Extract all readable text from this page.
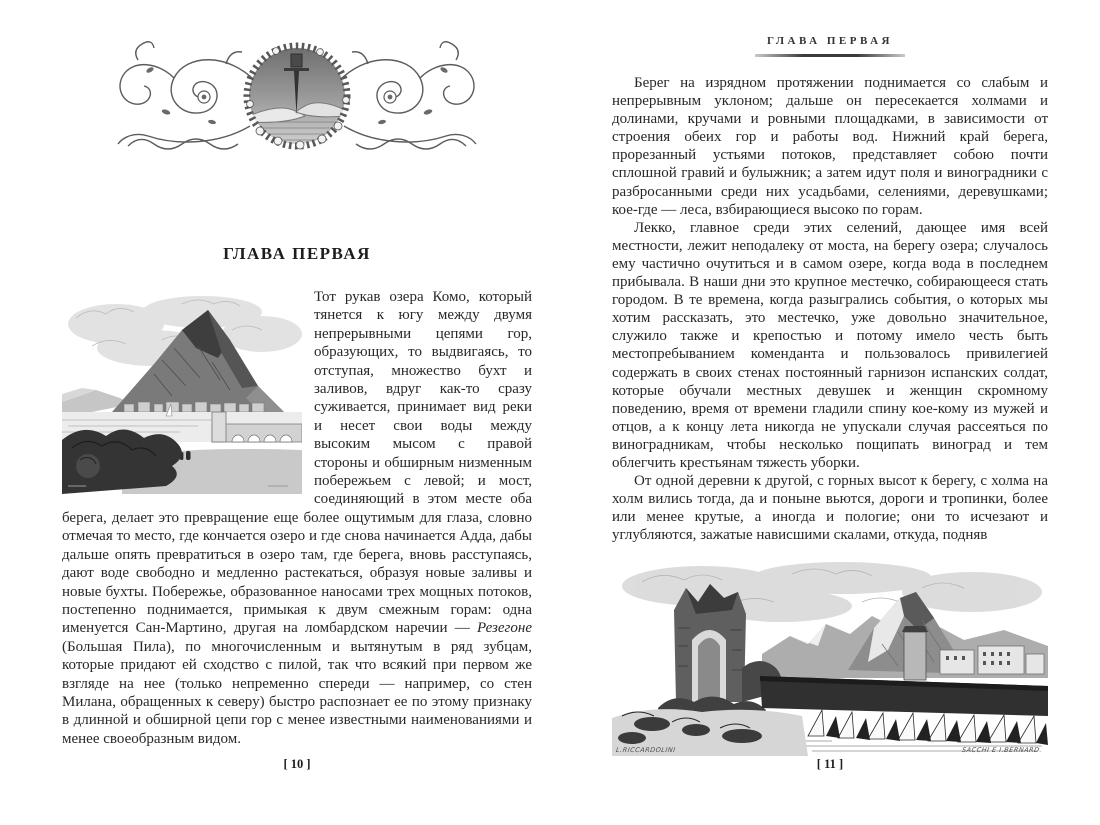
ГЛАВА ПЕРВАЯ

Тот рукав озера Комо, который тянется к югу между двумя непрерывными цепями гор, образующих, то выдвигаясь, то отступая, множество бухт и заливов, вдруг как-то сразу суживается, принимает вид реки и несет свои воды между высоким мысом с правой стороны и обширным низменным побережьем с левой; и мост, соединяющий в этом месте оба берега, делает это превращение еще более ощутимым для глаза, словно отмечая то место, где кончается озеро и где снова начинается Адда, дабы дальше опять превратиться в озеро там, где берега, вновь расступаясь, дают воде свободно и медленно растекаться, образуя новые заливы и новые бухты. Побережье, образованное наносами трех мощных потоков, постепенно поднимается, примыкая к двум смежным горам: одна именуется Сан-Мартино, другая на ломбардском наречии — Резегоне (Большая Пила), по многочисленным и вытянутым в ряд зубцам, которые придают ей сходство с пилой, так что всякий при первом же взгляде на нее (только непременно спереди — например, со стен Милана, обращенных к северу) быстро распознает ее по этому признаку в длинной и обширной цепи гор с менее известными наименованиями и менее своеобразным видом.

[ 10 ]
ГЛАВА ПЕРВАЯ

Берег на изрядном протяжении поднимается со слабым и непрерывным уклоном; дальше он пересекается холмами и долинами, кручами и ровными площадками, в зависимости от строения обеих гор и работы вод. Нижний край берега, прорезанный устьями потоков, представляет собою почти сплошной гравий и булыжник; а затем идут поля и виноградники с разбросанными среди них усадьбами, селениями, деревушками; кое-где — леса, взбирающиеся высоко по горам.

Лекко, главное среди этих селений, дающее имя всей местности, лежит неподалеку от моста, на берегу озера; случалось ему частично очутиться и в самом озере, когда вода в последнем прибывала. В наши дни это крупное местечко, собирающееся стать городом. В те времена, когда разыгрались события, о которых мы хотим рассказать, это местечко, уже довольно значительное, служило также и крепостью и потому имело честь быть местопребыванием коменданта и пользовалось привилегией содержать в своих стенах постоянный гарнизон испанских солдат, которые обучали местных девушек и женщин скромному поведению, время от времени гладили спину кое-кому из мужей и отцов, а к концу лета никогда не упускали случая рассеяться по виноградникам, чтобы несколько пощипать виноград и тем облегчить крестьянам тяжесть уборки.

От одной деревни к другой, с горных высот к берегу, с холма на холм вились тогда, да и поныне вьются, дороги и тропинки, более или менее крутые, а иногда и пологие; они то исчезают и углубляются, зажатые нависшими скалами, откуда, подняв

L.RICCARDOLINI	SACCHI E I.BERNARD.
[ 11 ]
